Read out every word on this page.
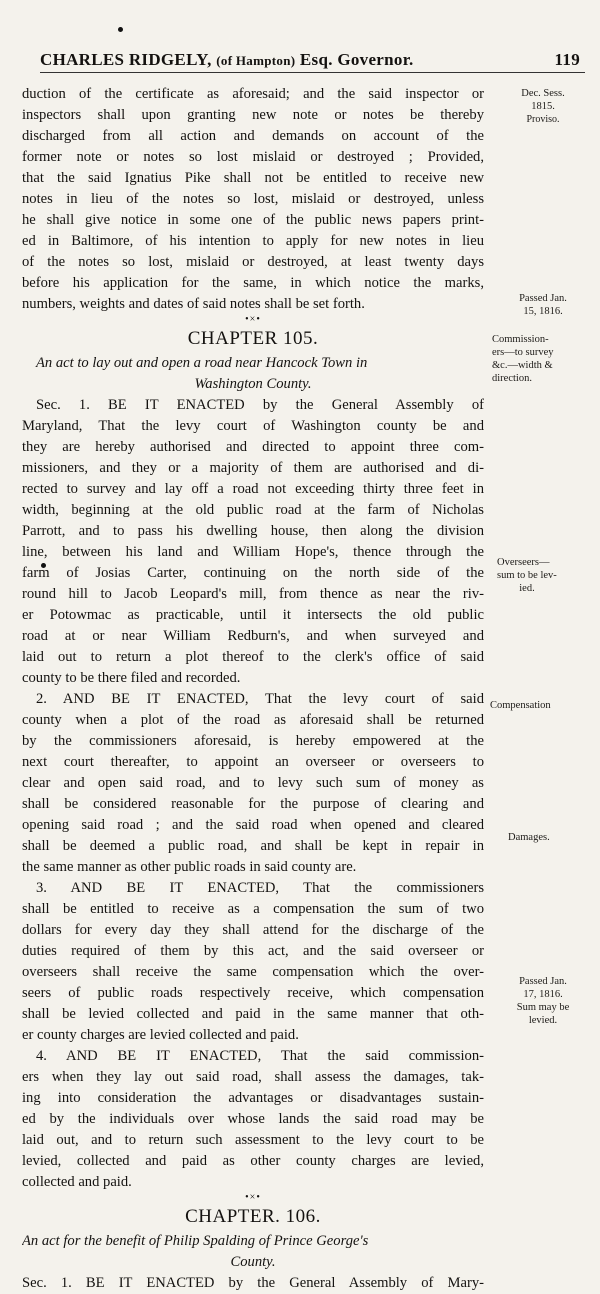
CHARLES RIDGELY, (of Hampton) Esq. Governor.	119
duction of the certificate as aforesaid; and the said inspector or
inspectors shall upon granting new note or notes be thereby
discharged from all action and demands on account of the
former note or notes so lost mislaid or destroyed ; Provided,
that the said Ignatius Pike shall not be entitled to receive new
notes in lieu of the notes so lost, mislaid or destroyed, unless
he shall give notice in some one of the public news papers print-
ed in Baltimore, of his intention to apply for new notes in lieu
of the notes so lost, mislaid or destroyed, at least twenty days
before his application for the same, in which notice the marks,
numbers, weights and dates of said notes shall be set forth.
•×•
CHAPTER 105.
An act to lay out and open a road near Hancock Town in
Washington County.
Sec. 1. BE IT ENACTED by the General Assembly of
Maryland, That the levy court of Washington county be and
they are hereby authorised and directed to appoint three com-
missioners, and they or a majority of them are authorised and di-
rected to survey and lay off a road not exceeding thirty three feet in
width, beginning at the old public road at the farm of Nicholas
Parrott, and to pass his dwelling house, then along the division
line, between his land and William Hope's, thence through the
farm of Josias Carter, continuing on the north side of the
round hill to Jacob Leopard's mill, from thence as near the riv-
er Potowmac as practicable, until it intersects the old public
road at or near William Redburn's, and when surveyed and
laid out to return a plot thereof to the clerk's office of said
county to be there filed and recorded.
2. AND BE IT ENACTED, That the levy court of said
county when a plot of the road as aforesaid shall be returned
by the commissioners aforesaid, is hereby empowered at the
next court thereafter, to appoint an overseer or overseers to
clear and open said road, and to levy such sum of money as
shall be considered reasonable for the purpose of clearing and
opening said road ; and the said road when opened and cleared
shall be deemed a public road, and shall be kept in repair in
the same manner as other public roads in said county are.
3. AND BE IT ENACTED, That the commissioners
shall be entitled to receive as a compensation the sum of two
dollars for every day they shall attend for the discharge of the
duties required of them by this act, and the said overseer or
overseers shall receive the same compensation which the over-
seers of public roads respectively receive, which compensation
shall be levied collected and paid in the same manner that oth-
er county charges are levied collected and paid.
4. AND BE IT ENACTED, That the said commission-
ers when they lay out said road, shall assess the damages, tak-
ing into consideration the advantages or disadvantages sustain-
ed by the individuals over whose lands the said road may be
laid out, and to return such assessment to the levy court to be
levied, collected and paid as other county charges are levied,
collected and paid.
•×•
CHAPTER. 106.
An act for the benefit of Philip Spalding of Prince George's
County.
Sec. 1. BE IT ENACTED by the General Assembly of Mary-
Dec. Sess.
1815.
Proviso.
Passed Jan.
15, 1816.
Commission-
ers—to survey
&c.—width &
direction.
Overseers—
sum to be lev-
ied.
Compensation
Damages.
Passed Jan.
17, 1816.
Sum may be
levied.
